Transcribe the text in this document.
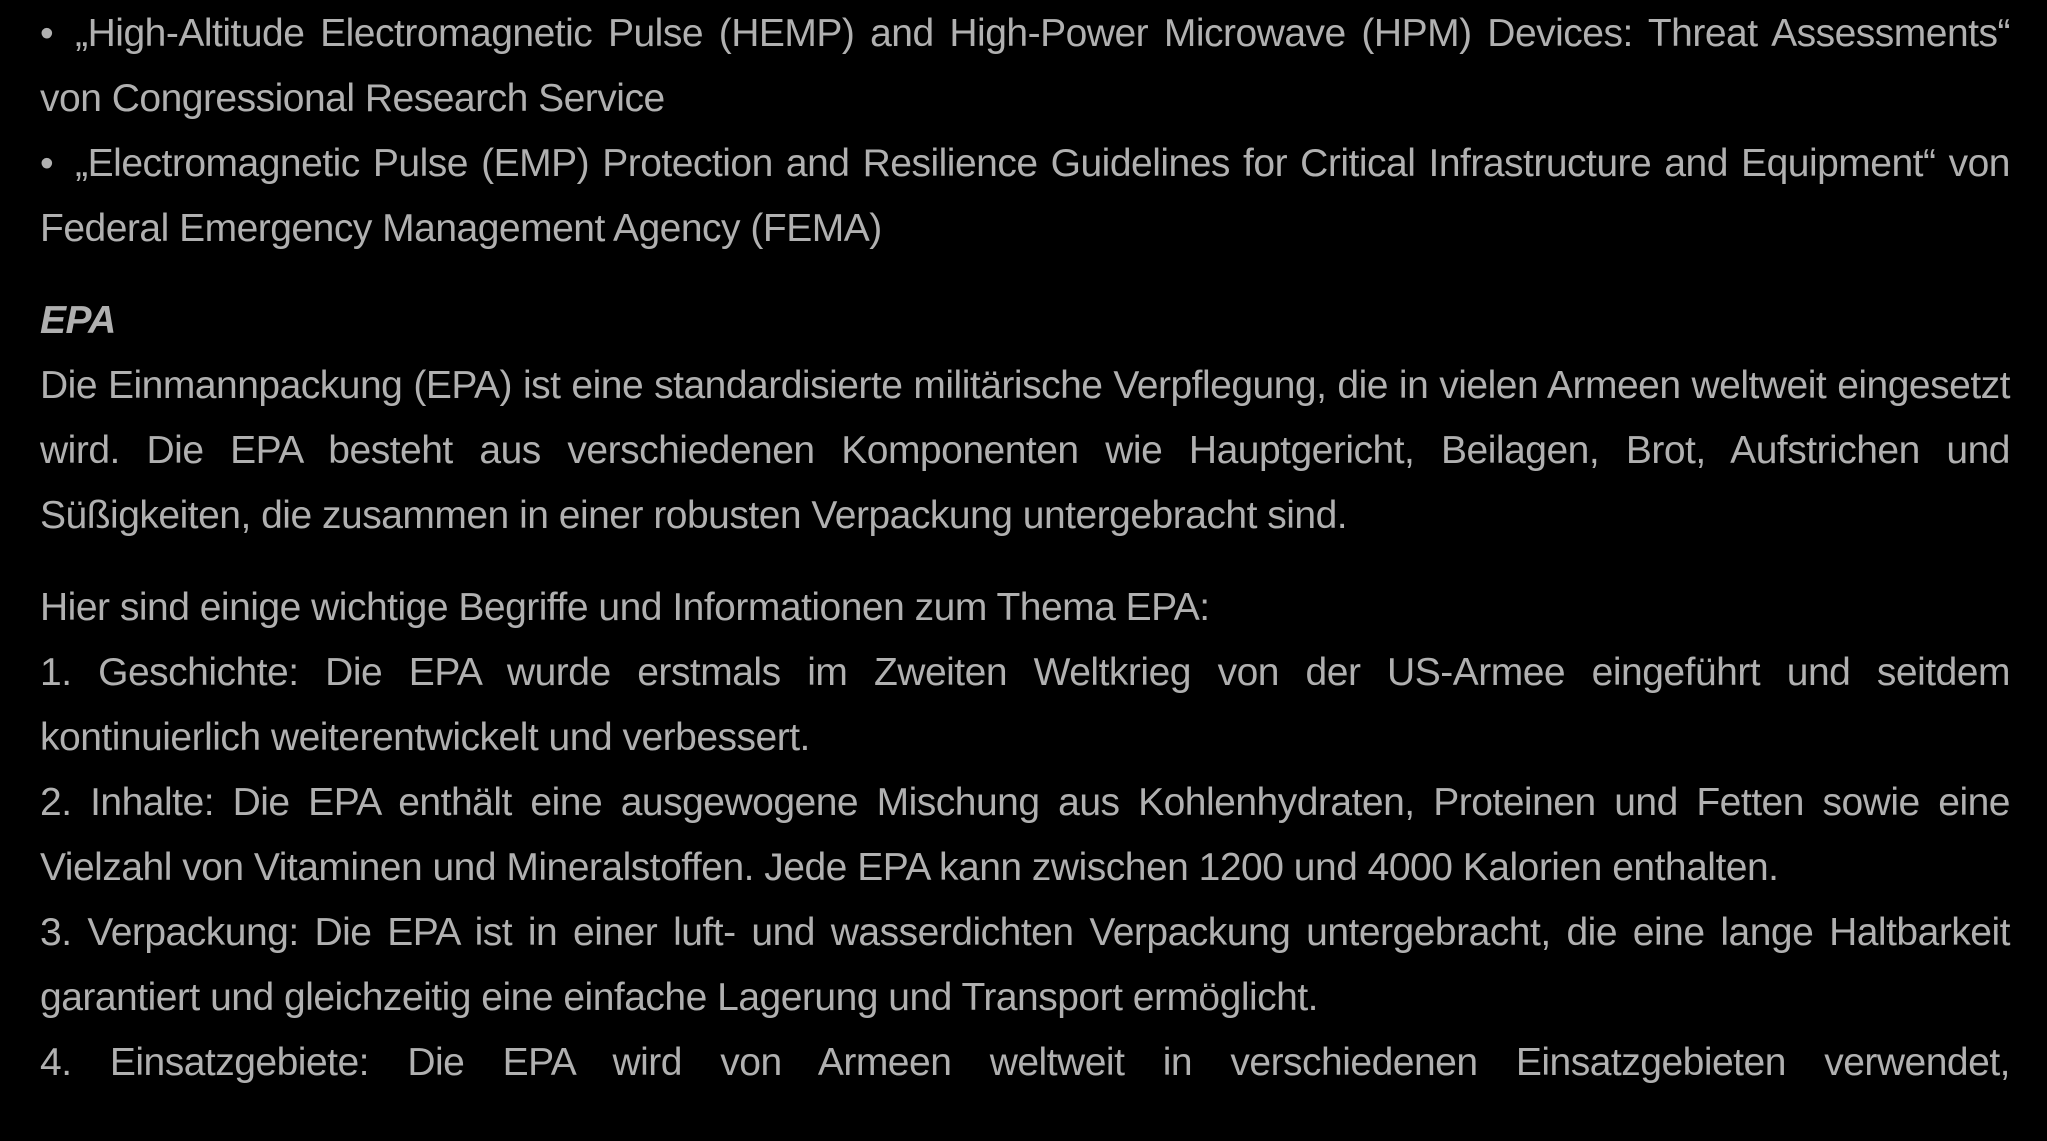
• „High-Altitude Electromagnetic Pulse (HEMP) and High-Power Microwave (HPM) Devices: Threat Assessments“ von Congressional Research Service

• „Electromagnetic Pulse (EMP) Protection and Resilience Guidelines for Critical Infrastructure and Equipment“ von Federal Emergency Management Agency (FEMA)

EPA

Die Einmannpackung (EPA) ist eine standardisierte militärische Verpflegung, die in vielen Armeen weltweit eingesetzt wird. Die EPA besteht aus verschiedenen Komponenten wie Hauptgericht, Beilagen, Brot, Aufstrichen und Süßigkeiten, die zusammen in einer robusten Verpackung untergebracht sind.

Hier sind einige wichtige Begriffe und Informationen zum Thema EPA:

1. Geschichte: Die EPA wurde erstmals im Zweiten Weltkrieg von der US-Armee eingeführt und seitdem kontinuierlich weiterentwickelt und verbessert.

2. Inhalte: Die EPA enthält eine ausgewogene Mischung aus Kohlenhydraten, Proteinen und Fetten sowie eine Vielzahl von Vitaminen und Mineralstoffen. Jede EPA kann zwischen 1200 und 4000 Kalorien enthalten.

3. Verpackung: Die EPA ist in einer luft- und wasserdichten Verpackung untergebracht, die eine lange Haltbarkeit garantiert und gleichzeitig eine einfache Lagerung und Transport ermöglicht.

4. Einsatzgebiete: Die EPA wird von Armeen weltweit in verschiedenen Einsatzgebieten verwendet,
